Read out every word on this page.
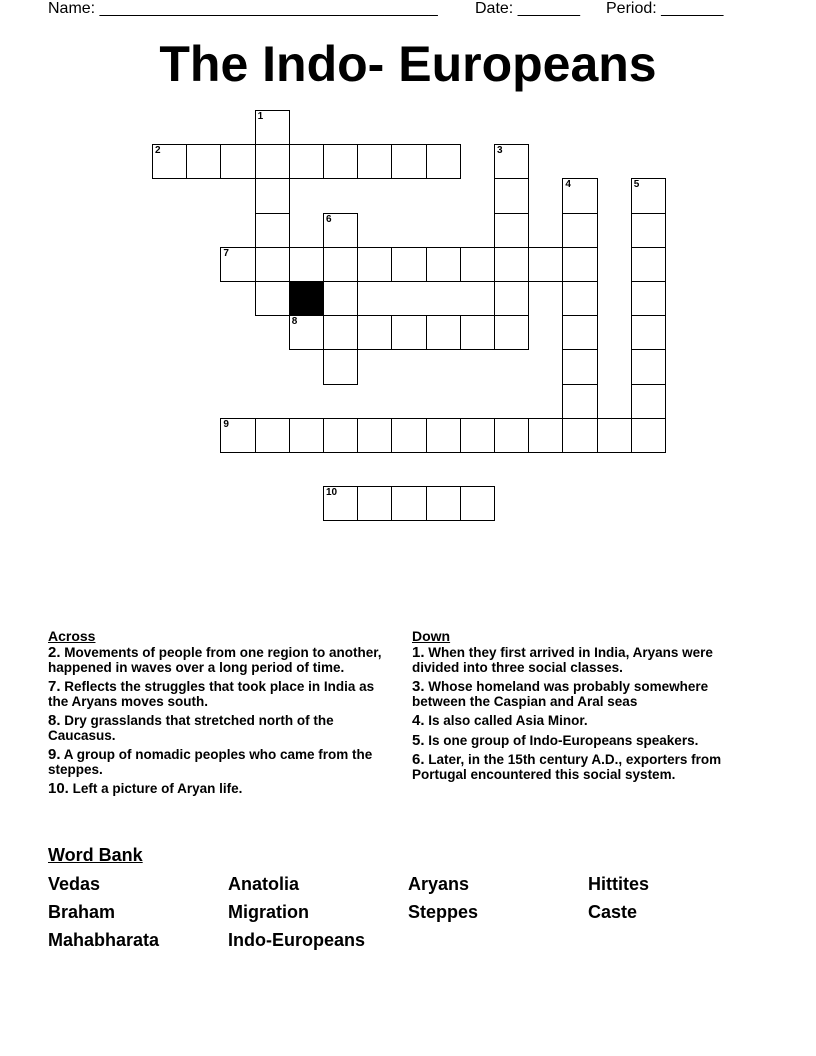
Name: ______________________________________ Date: _______ Period: _______
The Indo- Europeans
2
1
3
4	5
6
7
8
9
10
Across
2. Movements of people from one region to another, happened in waves over a long period of time.
7. Reflects the struggles that took place in India as the Aryans moves south.
8. Dry grasslands that stretched north of the Caucasus.
9. A group of nomadic peoples who came from the steppes.
10. Left a picture of Aryan life.
Down
1. When they first arrived in India, Aryans were divided into three social classes.
3. Whose homeland was probably somewhere between the Caspian and Aral seas
4. Is also called Asia Minor.
5. Is one group of Indo-Europeans speakers.
6. Later, in the 15th century A.D., exporters from Portugal encountered this social system.
Word Bank
Vedas	Anatolia	Aryans	Hittites
Braham	Migration	Steppes	Caste
Mahabharata	Indo-Europeans
